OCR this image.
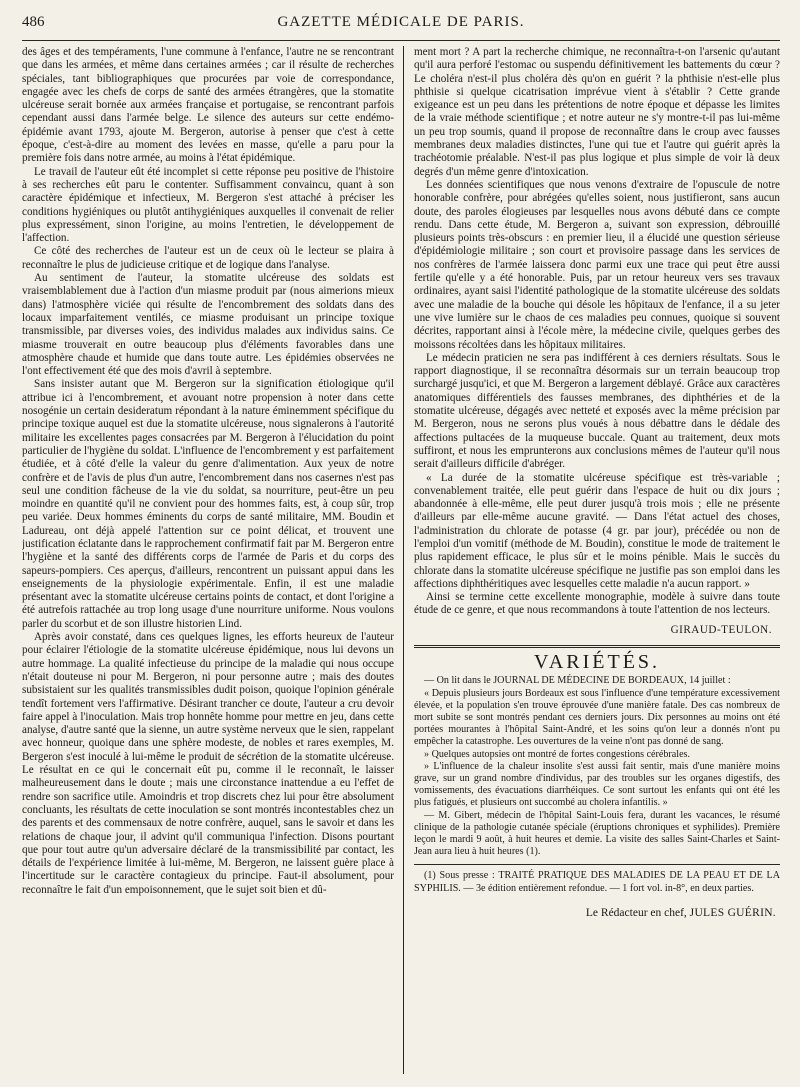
486	GAZETTE MÉDICALE DE PARIS.

des âges et des tempéraments, l'une commune à l'enfance, l'autre ne se rencontrant que dans les armées, et même dans certaines armées ; car il résulte de recherches spéciales, tant bibliographiques que procurées par voie de correspondance, engagée avec les chefs de corps de santé des armées étrangères, que la stomatite ulcéreuse serait bornée aux armées française et portugaise, se rencontrant parfois cependant aussi dans l'armée belge. Le silence des auteurs sur cette endémo-épidémie avant 1793, ajoute M. Bergeron, autorise à penser que c'est à cette époque, c'est-à-dire au moment des levées en masse, qu'elle a paru pour la première fois dans notre armée, au moins à l'état épidémique.

Le travail de l'auteur eût été incomplet si cette réponse peu positive de l'histoire à ses recherches eût paru le contenter. Suffisamment convaincu, quant à son caractère épidémique et infectieux, M. Bergeron s'est attaché à préciser les conditions hygiéniques ou plutôt antihygiéniques auxquelles il convenait de relier plus expressément, sinon l'origine, au moins l'entretien, le développement de l'affection.

Ce côté des recherches de l'auteur est un de ceux où le lecteur se plaira à reconnaître le plus de judicieuse critique et de logique dans l'analyse.

Au sentiment de l'auteur, la stomatite ulcéreuse des soldats est vraisemblablement due à l'action d'un miasme produit par (nous aimerions mieux dans) l'atmosphère viciée qui résulte de l'encombrement des soldats dans des locaux imparfaitement ventilés, ce miasme produisant un principe toxique transmissible, par diverses voies, des individus malades aux individus sains. Ce miasme trouverait en outre beaucoup plus d'éléments favorables dans une atmosphère chaude et humide que dans toute autre. Les épidémies observées ne l'ont effectivement été que des mois d'avril à septembre.

Sans insister autant que M. Bergeron sur la signification étiologique qu'il attribue ici à l'encombrement, et avouant notre propension à noter dans cette nosogénie un certain desideratum répondant à la nature éminemment spécifique du principe toxique auquel est due la stomatite ulcéreuse, nous signalerons à l'autorité militaire les excellentes pages consacrées par M. Bergeron à l'élucidation du point particulier de l'hygiène du soldat. L'influence de l'encombrement y est parfaitement étudiée, et à côté d'elle la valeur du genre d'alimentation. Aux yeux de notre confrère et de l'avis de plus d'un autre, l'encombrement dans nos casernes n'est pas seul une condition fâcheuse de la vie du soldat, sa nourriture, peut-être un peu moindre en quantité qu'il ne convient pour des hommes faits, est, à coup sûr, trop peu variée. Deux hommes éminents du corps de santé militaire, MM. Boudin et Ladureau, ont déjà appelé l'attention sur ce point délicat, et trouvent une justification éclatante dans le rapprochement confirmatif fait par M. Bergeron entre l'hygiène et la santé des différents corps de l'armée de Paris et du corps des sapeurs-pompiers. Ces aperçus, d'ailleurs, rencontrent un puissant appui dans les enseignements de la physiologie expérimentale. Enfin, il est une maladie présentant avec la stomatite ulcéreuse certains points de contact, et dont l'origine a été autrefois rattachée au trop long usage d'une nourriture uniforme. Nous voulons parler du scorbut et de son illustre historien Lind.

Après avoir constaté, dans ces quelques lignes, les efforts heureux de l'auteur pour éclairer l'étiologie de la stomatite ulcéreuse épidémique, nous lui devons un autre hommage. La qualité infectieuse du principe de la maladie qui nous occupe n'était douteuse ni pour M. Bergeron, ni pour personne autre ; mais des doutes subsistaient sur les qualités transmissibles dudit poison, quoique l'opinion générale tendît fortement vers l'affirmative. Désirant trancher ce doute, l'auteur a cru devoir faire appel à l'inoculation. Mais trop honnête homme pour mettre en jeu, dans cette analyse, d'autre santé que la sienne, un autre système nerveux que le sien, rappelant avec honneur, quoique dans une sphère modeste, de nobles et rares exemples, M. Bergeron s'est inoculé à lui-même le produit de sécrétion de la stomatite ulcéreuse. Le résultat en ce qui le concernait eût pu, comme il le reconnaît, le laisser malheureusement dans le doute ; mais une circonstance inattendue a eu l'effet de rendre son sacrifice utile. Amoindris et trop discrets chez lui pour être absolument concluants, les résultats de cette inoculation se sont montrés incontestables chez un des parents et des commensaux de notre confrère, auquel, sans le savoir et dans les relations de chaque jour, il advint qu'il communiqua l'infection. Disons pourtant que pour tout autre qu'un adversaire déclaré de la transmissibilité par contact, les détails de l'expérience limitée à lui-même, M. Bergeron, ne laissent guère place à l'incertitude sur le caractère contagieux du principe. Faut-il absolument, pour reconnaître le fait d'un empoisonnement, que le sujet soit bien et dû-

ment mort ? A part la recherche chimique, ne reconnaîtra-t-on l'arsenic qu'autant qu'il aura perforé l'estomac ou suspendu définitivement les battements du cœur ? Le choléra n'est-il plus choléra dès qu'on en guérit ? la phthisie n'est-elle plus phthisie si quelque cicatrisation imprévue vient à s'établir ? Cette grande exigeance est un peu dans les prétentions de notre époque et dépasse les limites de la vraie méthode scientifique ; et notre auteur ne s'y montre-t-il pas lui-même un peu trop soumis, quand il propose de reconnaître dans le croup avec fausses membranes deux maladies distinctes, l'une qui tue et l'autre qui guérit après la trachéotomie préalable. N'est-il pas plus logique et plus simple de voir là deux degrés d'un même genre d'intoxication.

Les données scientifiques que nous venons d'extraire de l'opuscule de notre honorable confrère, pour abrégées qu'elles soient, nous justifieront, sans aucun doute, des paroles élogieuses par lesquelles nous avons débuté dans ce compte rendu. Dans cette étude, M. Bergeron a, suivant son expression, débrouillé plusieurs points très-obscurs : en premier lieu, il a élucidé une question sérieuse d'épidémiologie militaire ; son court et provisoire passage dans les services de nos confrères de l'armée laissera donc parmi eux une trace qui peut être aussi fertile qu'elle y a été honorable. Puis, par un retour heureux vers ses travaux ordinaires, ayant saisi l'identité pathologique de la stomatite ulcéreuse des soldats avec une maladie de la bouche qui désole les hôpitaux de l'enfance, il a su jeter une vive lumière sur le chaos de ces maladies peu connues, quoique si souvent décrites, rapportant ainsi à l'école mère, la médecine civile, quelques gerbes des moissons récoltées dans les hôpitaux militaires.

Le médecin praticien ne sera pas indifférent à ces derniers résultats. Sous le rapport diagnostique, il se reconnaîtra désormais sur un terrain beaucoup trop surchargé jusqu'ici, et que M. Bergeron a largement déblayé. Grâce aux caractères anatomiques différentiels des fausses membranes, des diphthéries et de la stomatite ulcéreuse, dégagés avec netteté et exposés avec la même précision par M. Bergeron, nous ne serons plus voués à nous débattre dans le dédale des affections pultacées de la muqueuse buccale. Quant au traitement, deux mots suffiront, et nous les emprunterons aux conclusions mêmes de l'auteur qu'il nous serait d'ailleurs difficile d'abréger.

« La durée de la stomatite ulcéreuse spécifique est très-variable ; convenablement traitée, elle peut guérir dans l'espace de huit ou dix jours ; abandonnée à elle-même, elle peut durer jusqu'à trois mois ; elle ne présente d'ailleurs par elle-même aucune gravité. — Dans l'état actuel des choses, l'administration du chlorate de potasse (4 gr. par jour), précédée ou non de l'emploi d'un vomitif (méthode de M. Boudin), constitue le mode de traitement le plus rapidement efficace, le plus sûr et le moins pénible. Mais le succès du chlorate dans la stomatite ulcéreuse spécifique ne justifie pas son emploi dans les affections diphthéritiques avec lesquelles cette maladie n'a aucun rapport. »

Ainsi se termine cette excellente monographie, modèle à suivre dans toute étude de ce genre, et que nous recommandons à toute l'attention de nos lecteurs.

GIRAUD-TEULON.

VARIÉTÉS.

— On lit dans le JOURNAL DE MÉDECINE DE BORDEAUX, 14 juillet :

« Depuis plusieurs jours Bordeaux est sous l'influence d'une température excessivement élevée, et la population s'en trouve éprouvée d'une manière fatale. Des cas nombreux de mort subite se sont montrés pendant ces derniers jours. Dix personnes au moins ont été portées mourantes à l'hôpital Saint-André, et les soins qu'on leur a donnés n'ont pu empêcher la catastrophe. Les ouvertures de la veine n'ont pas donné de sang.

» Quelques autopsies ont montré de fortes congestions cérébrales.

» L'influence de la chaleur insolite s'est aussi fait sentir, mais d'une manière moins grave, sur un grand nombre d'individus, par des troubles sur les organes digestifs, des vomissements, des évacuations diarrhéiques. Ce sont surtout les enfants qui ont été les plus fatigués, et plusieurs ont succombé au cholera infantilis. »

— M. Gibert, médecin de l'hôpital Saint-Louis fera, durant les vacances, le résumé clinique de la pathologie cutanée spéciale (éruptions chroniques et syphilides). Première leçon le mardi 9 août, à huit heures et demie. La visite des salles Saint-Charles et Saint-Jean aura lieu à huit heures (1).

(1) Sous presse : TRAITÉ PRATIQUE DES MALADIES DE LA PEAU ET DE LA SYPHILIS. — 3e édition entièrement refondue. — 1 fort vol. in-8°, en deux parties.

Le Rédacteur en chef, JULES GUÉRIN.
